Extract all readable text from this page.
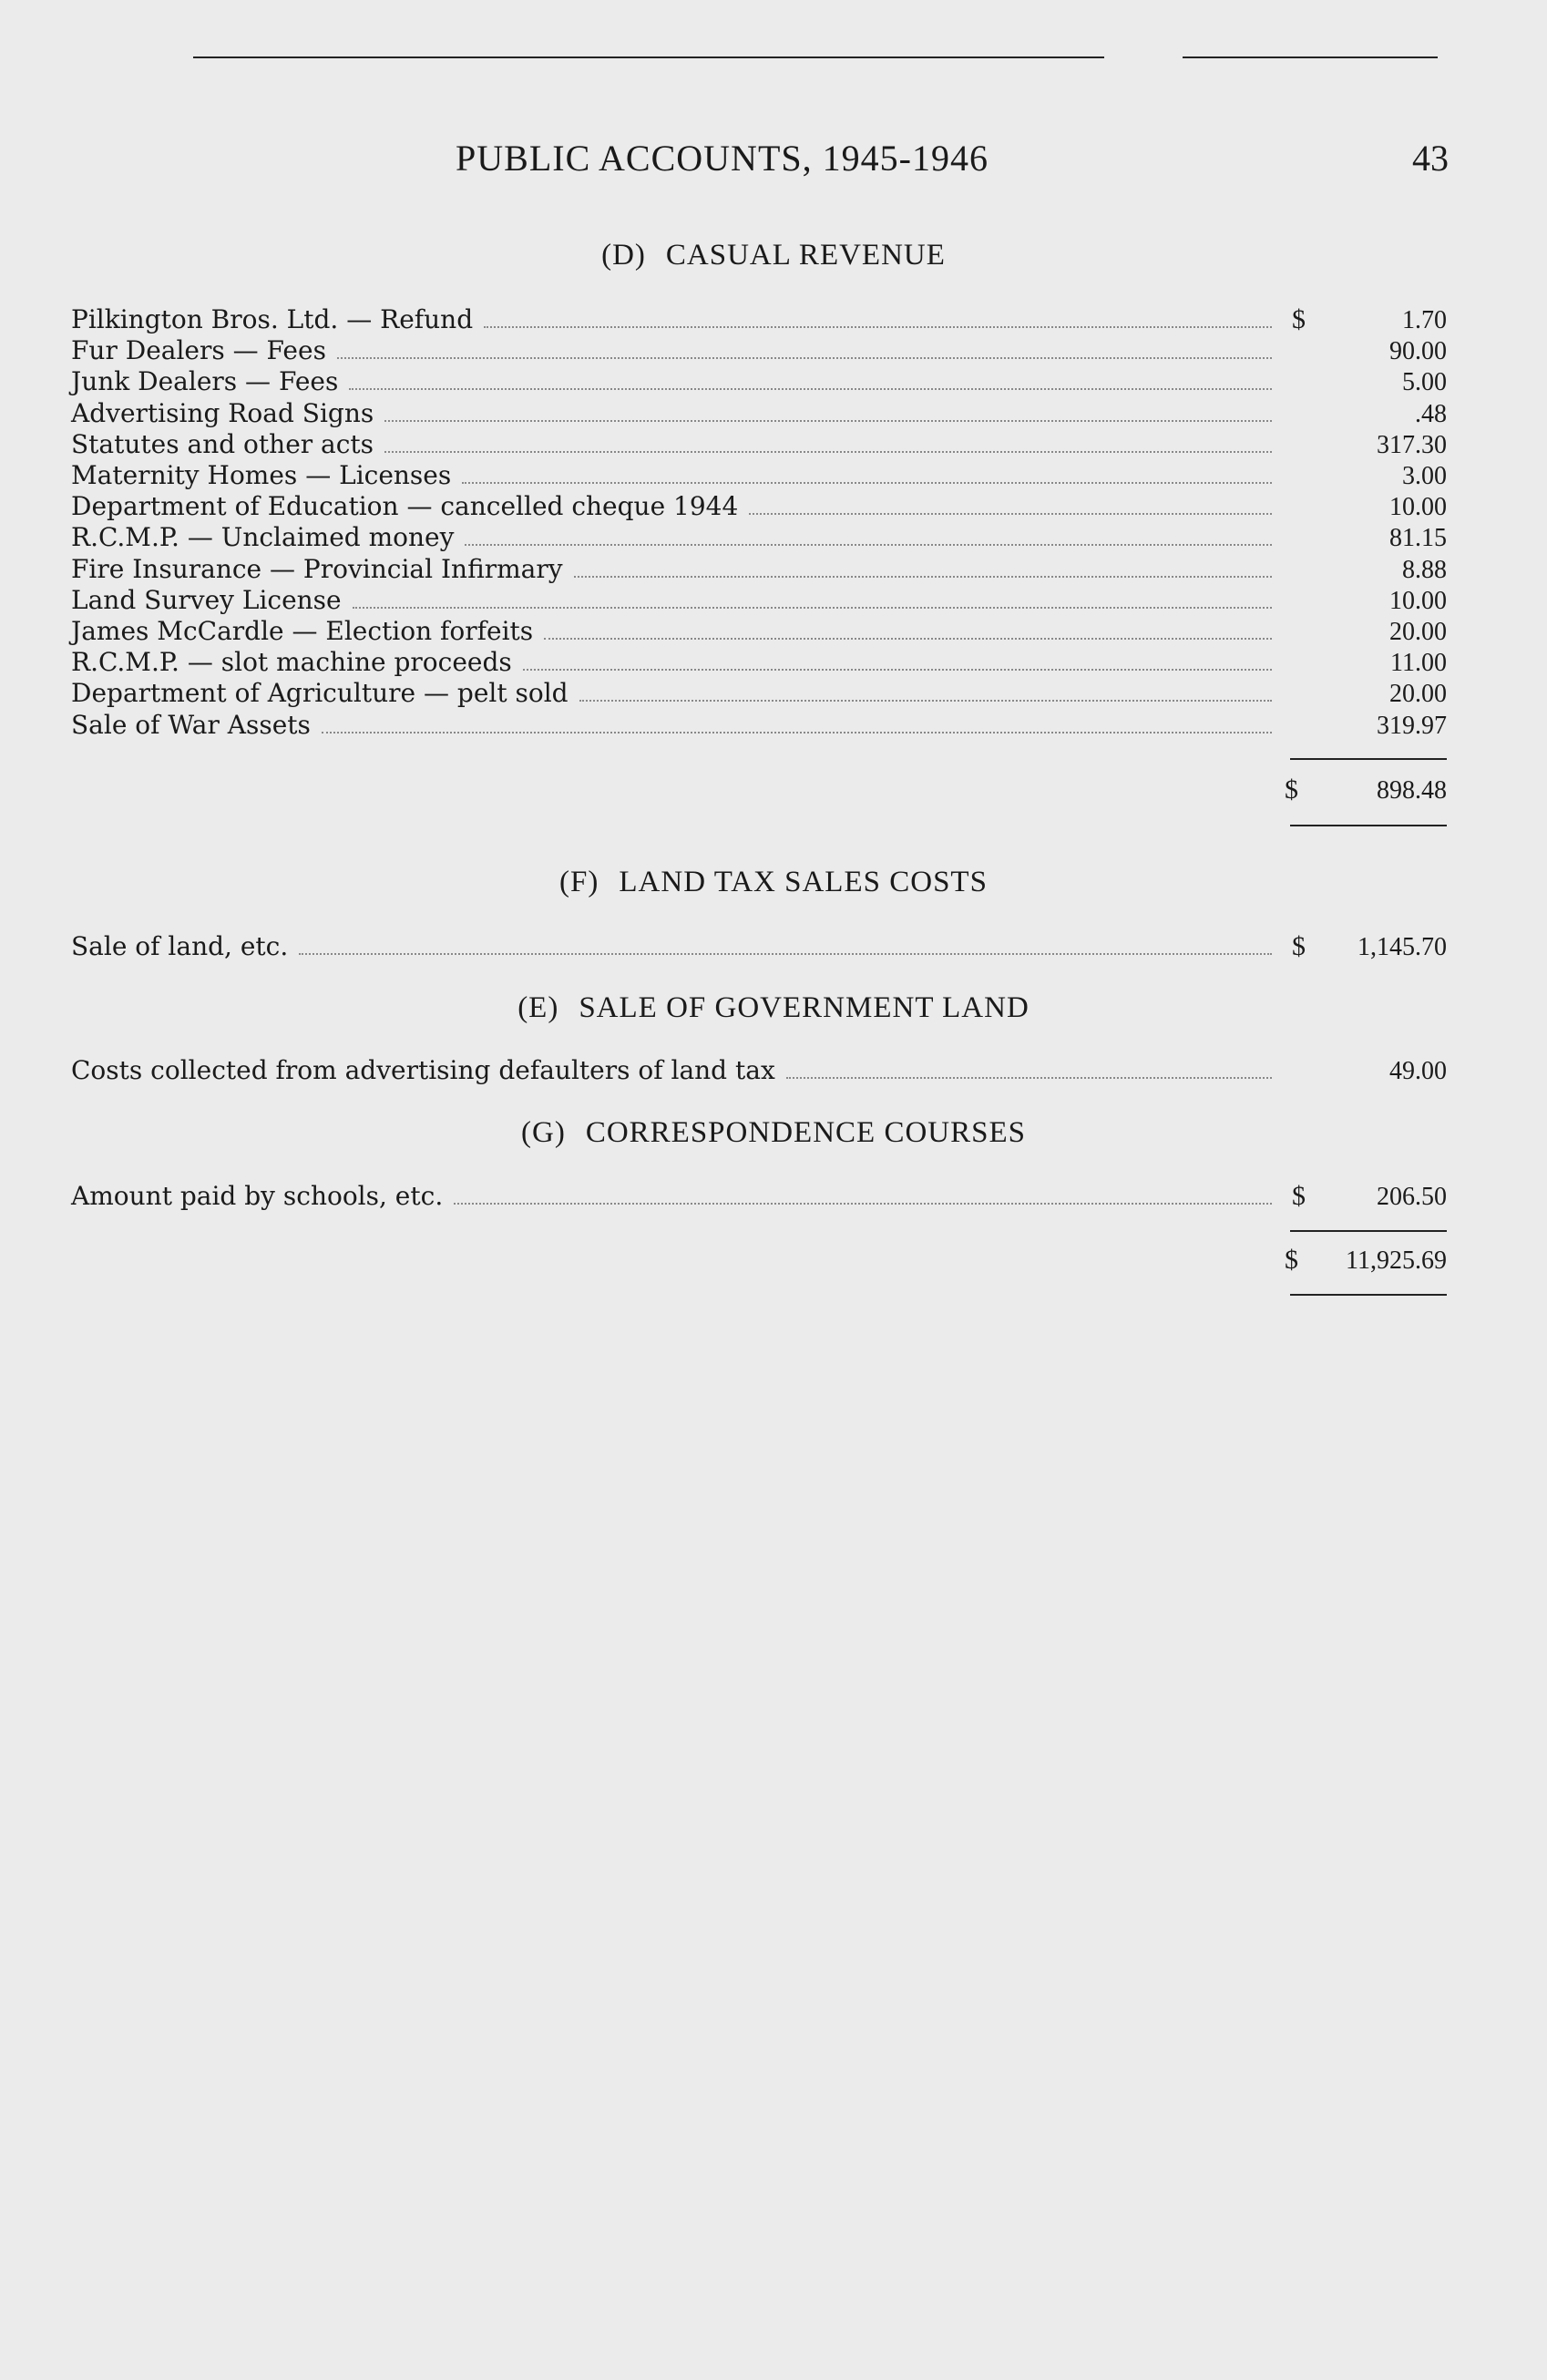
PUBLIC ACCOUNTS, 1945-1946	43
(D) CASUAL REVENUE
Pilkington Bros. Ltd. — Refund	$	1.70
Fur Dealers — Fees	90.00
Junk Dealers — Fees	5.00
Advertising Road Signs	.48
Statutes and other acts	317.30
Maternity Homes — Licenses	3.00
Department of Education — cancelled cheque 1944	10.00
R.C.M.P. — Unclaimed money	81.15
Fire Insurance — Provincial Infirmary	8.88
Land Survey License	10.00
James McCardle — Election forfeits	20.00
R.C.M.P. — slot machine proceeds	11.00
Department of Agriculture — pelt sold	20.00
Sale of War Assets	319.97
$	898.48
(F) LAND TAX SALES COSTS
Sale of land, etc.	$	1,145.70
(E) SALE OF GOVERNMENT LAND
Costs collected from advertising defaulters of land tax	49.00
(G) CORRESPONDENCE COURSES
Amount paid by schools, etc.	$	206.50
$	11,925.69
